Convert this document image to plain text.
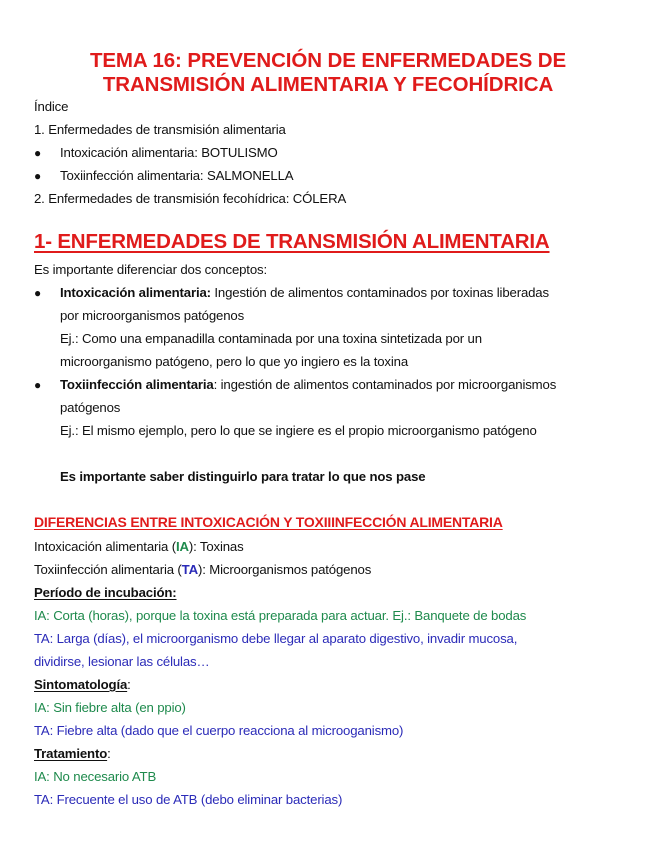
TEMA 16: PREVENCIÓN DE ENFERMEDADES DE
TRANSMISIÓN ALIMENTARIA Y FECOHÍDRICA
Índice
1. Enfermedades de transmisión alimentaria
● Intoxicación alimentaria: BOTULISMO
● Toxiinfección alimentaria: SALMONELLA
2. Enfermedades de transmisión fecohídrica: CÓLERA
1- ENFERMEDADES DE TRANSMISIÓN ALIMENTARIA
Es importante diferenciar dos conceptos:
● Intoxicación alimentaria: Ingestión de alimentos contaminados por toxinas liberadas
por microorganismos patógenos
Ej.: Como una empanadilla contaminada por una toxina sintetizada por un
microorganismo patógeno, pero lo que yo ingiero es la toxina
● Toxiinfección alimentaria: ingestión de alimentos contaminados por microorganismos
patógenos
Ej.: El mismo ejemplo, pero lo que se ingiere es el propio microorganismo patógeno
Es importante saber distinguirlo para tratar lo que nos pase
DIFERENCIAS ENTRE INTOXICACIÓN Y TOXIIINFECCIÓN ALIMENTARIA
Intoxicación alimentaria (IA): Toxinas
Toxiinfección alimentaria (TA): Microorganismos patógenos
Período de incubación:
IA: Corta (horas), porque la toxina está preparada para actuar. Ej.: Banquete de bodas
TA: Larga (días), el microorganismo debe llegar al aparato digestivo, invadir mucosa,
dividirse, lesionar las células…
Sintomatología:
IA: Sin fiebre alta (en ppio)
TA: Fiebre alta (dado que el cuerpo reacciona al microoganismo)
Tratamiento:
IA: No necesario ATB
TA: Frecuente el uso de ATB (debo eliminar bacterias)
